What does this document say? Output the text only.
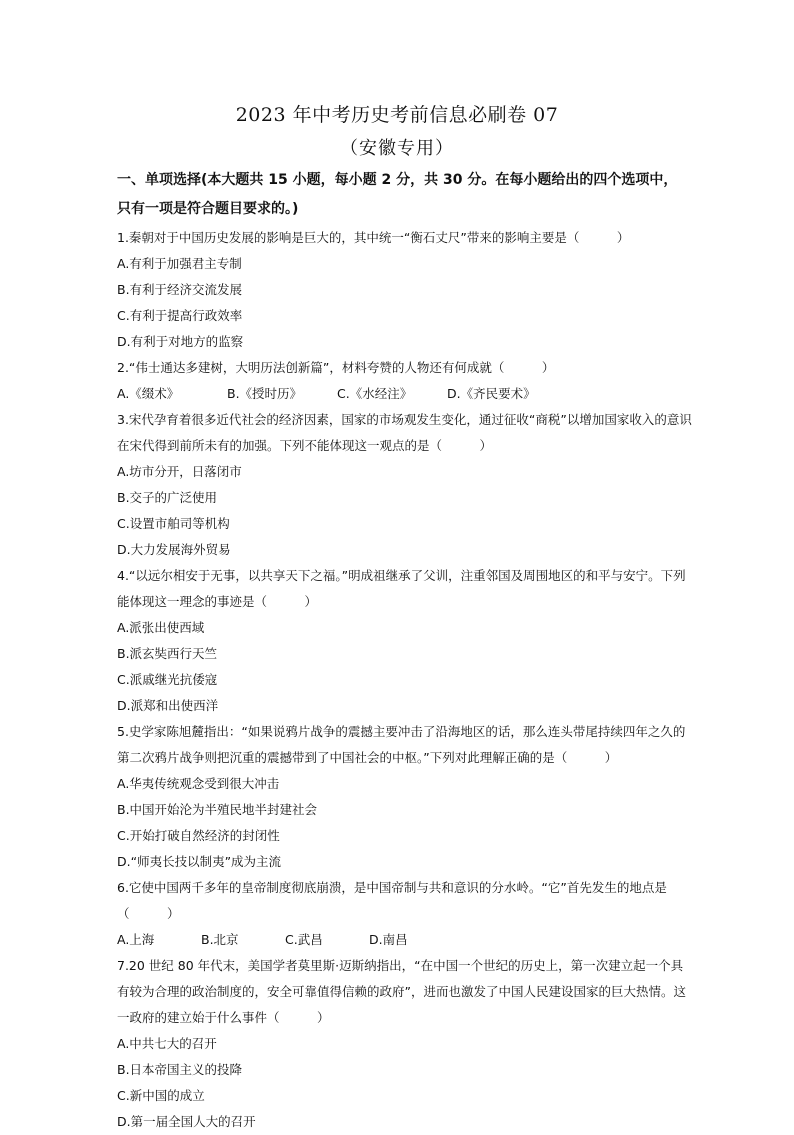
2023 年中考历史考前信息必刷卷 07
（安徽专用）
一、单项选择(本大题共 15 小题，每小题 2 分，共 30 分。在每小题给出的四个选项中，只有一项是符合题目要求的。)

1.秦朝对于中国历史发展的影响是巨大的，其中统一“衡石丈尺”带来的影响主要是（　　　）

A.有利于加强君主专制
B.有利于经济交流发展
C.有利于提高行政效率
D.有利于对地方的监察

2.“伟士通达多建树，大明历法创新篇”，材料夸赞的人物还有何成就（　　　）

A.《缀术》	B.《授时历》	C.《水经注》	D.《齐民要术》

3.宋代孕育着很多近代社会的经济因素，国家的市场观发生变化，通过征收“商税”以增加国家收入的意识在宋代得到前所未有的加强。下列不能体现这一观点的是（　　　）

A.坊市分开，日落闭市
B.交子的广泛使用
C.设置市舶司等机构
D.大力发展海外贸易

4.“以远尔相安于无事，以共享天下之福。”明成祖继承了父训，注重邻国及周围地区的和平与安宁。下列能体现这一理念的事迹是（　　　）

A.派张出使西域
B.派玄奘西行天竺
C.派戚继光抗倭寇
D.派郑和出使西洋

5.史学家陈旭麓指出：“如果说鸦片战争的震撼主要冲击了沿海地区的话，那么连头带尾持续四年之久的第二次鸦片战争则把沉重的震撼带到了中国社会的中枢。”下列对此理解正确的是（　　　）

A.华夷传统观念受到很大冲击
B.中国开始沦为半殖民地半封建社会
C.开始打破自然经济的封闭性
D.“师夷长技以制夷”成为主流

6.它使中国两千多年的皇帝制度彻底崩溃，是中国帝制与共和意识的分水岭。“它”首先发生的地点是（　　　）

A.上海	B.北京	C.武昌	D.南昌

7.20 世纪 80 年代末，美国学者莫里斯·迈斯纳指出，“在中国一个世纪的历史上，第一次建立起一个具有较为合理的政治制度的，安全可靠值得信赖的政府”，进而也激发了中国人民建设国家的巨大热情。这一政府的建立始于什么事件（　　　）

A.中共七大的召开
B.日本帝国主义的投降
C.新中国的成立
D.第一届全国人大的召开
